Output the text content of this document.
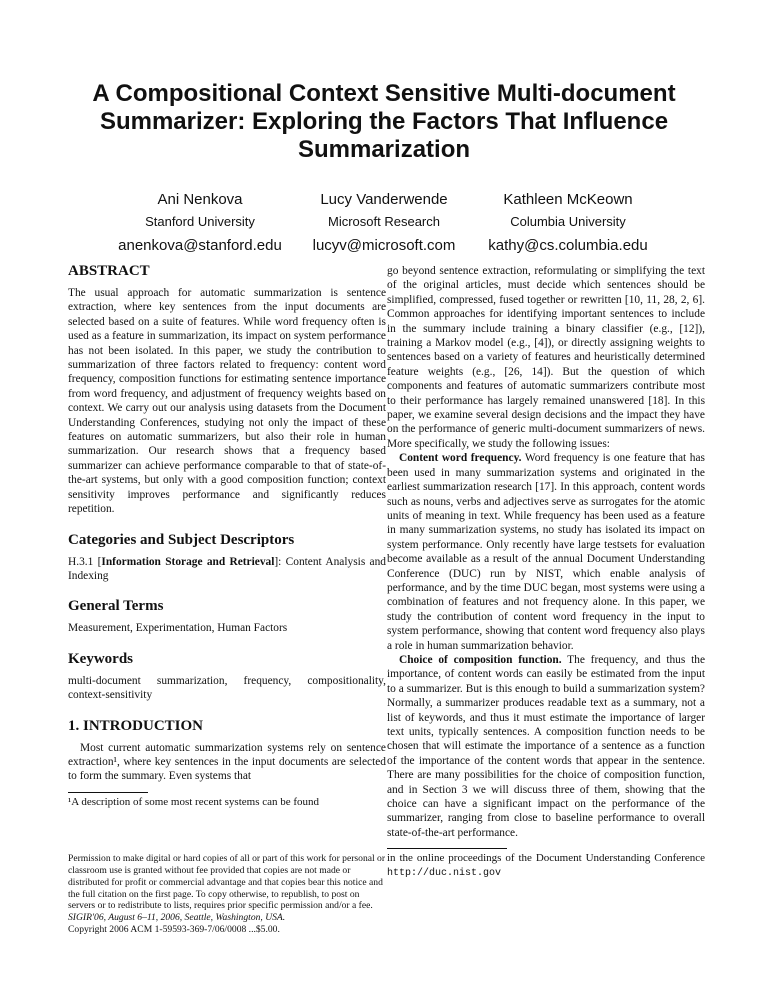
A Compositional Context Sensitive Multi-document Summarizer: Exploring the Factors That Influence Summarization
Ani Nenkova
Stanford University
anenkova@stanford.edu
Lucy Vanderwende
Microsoft Research
lucyv@microsoft.com
Kathleen McKeown
Columbia University
kathy@cs.columbia.edu
ABSTRACT

The usual approach for automatic summarization is sentence extraction, where key sentences from the input documents are selected based on a suite of features. While word frequency often is used as a feature in summarization, its impact on system performance has not been isolated. In this paper, we study the contribution to summarization of three factors related to frequency: content word frequency, composition functions for estimating sentence importance from word frequency, and adjustment of frequency weights based on context. We carry out our analysis using datasets from the Document Understanding Conferences, studying not only the impact of these features on automatic summarizers, but also their role in human summarization. Our research shows that a frequency based summarizer can achieve performance comparable to that of state-of-the-art systems, but only with a good composition function; context sensitivity improves performance and significantly reduces repetition.

Categories and Subject Descriptors

H.3.1 [Information Storage and Retrieval]: Content Analysis and Indexing

General Terms

Measurement, Experimentation, Human Factors

Keywords

multi-document summarization, frequency, compositionality, context-sensitivity

1. INTRODUCTION

Most current automatic summarization systems rely on sentence extraction¹, where key sentences in the input documents are selected to form the summary. Even systems that

¹A description of some most recent systems can be found

Permission to make digital or hard copies of all or part of this work for personal or classroom use is granted without fee provided that copies are not made or distributed for profit or commercial advantage and that copies bear this notice and the full citation on the first page. To copy otherwise, to republish, to post on servers or to redistribute to lists, requires prior specific permission and/or a fee.

SIGIR'06, August 6–11, 2006, Seattle, Washington, USA.

Copyright 2006 ACM 1-59593-369-7/06/0008 ...$5.00.

go beyond sentence extraction, reformulating or simplifying the text of the original articles, must decide which sentences should be simplified, compressed, fused together or rewritten [10, 11, 28, 2, 6]. Common approaches for identifying important sentences to include in the summary include training a binary classifier (e.g., [12]), training a Markov model (e.g., [4]), or directly assigning weights to sentences based on a variety of features and heuristically determined feature weights (e.g., [26, 14]). But the question of which components and features of automatic summarizers contribute most to their performance has largely remained unanswered [18]. In this paper, we examine several design decisions and the impact they have on the performance of generic multi-document summarizers of news. More specifically, we study the following issues:

Content word frequency. Word frequency is one feature that has been used in many summarization systems and originated in the earliest summarization research [17]. In this approach, content words such as nouns, verbs and adjectives serve as surrogates for the atomic units of meaning in text. While frequency has been used as a feature in many summarization systems, no study has isolated its impact on system performance. Only recently have large testsets for evaluation become available as a result of the annual Document Understanding Conference (DUC) run by NIST, which enable analysis of performance, and by the time DUC began, most systems were using a combination of features and not frequency alone. In this paper, we study the contribution of content word frequency in the input to system performance, showing that content word frequency also plays a role in human summarization behavior.

Choice of composition function. The frequency, and thus the importance, of content words can easily be estimated from the input to a summarizer. But is this enough to build a summarization system? Normally, a summarizer produces readable text as a summary, not a list of keywords, and thus it must estimate the importance of larger text units, typically sentences. A composition function needs to be chosen that will estimate the importance of a sentence as a function of the importance of the content words that appear in the sentence. There are many possibilities for the choice of composition function, and in Section 3 we will discuss three of them, showing that the choice can have a significant impact on the performance of the summarizer, ranging from close to baseline performance to overall state-of-the-art performance.

in the online proceedings of the Document Understanding Conference http://duc.nist.gov
